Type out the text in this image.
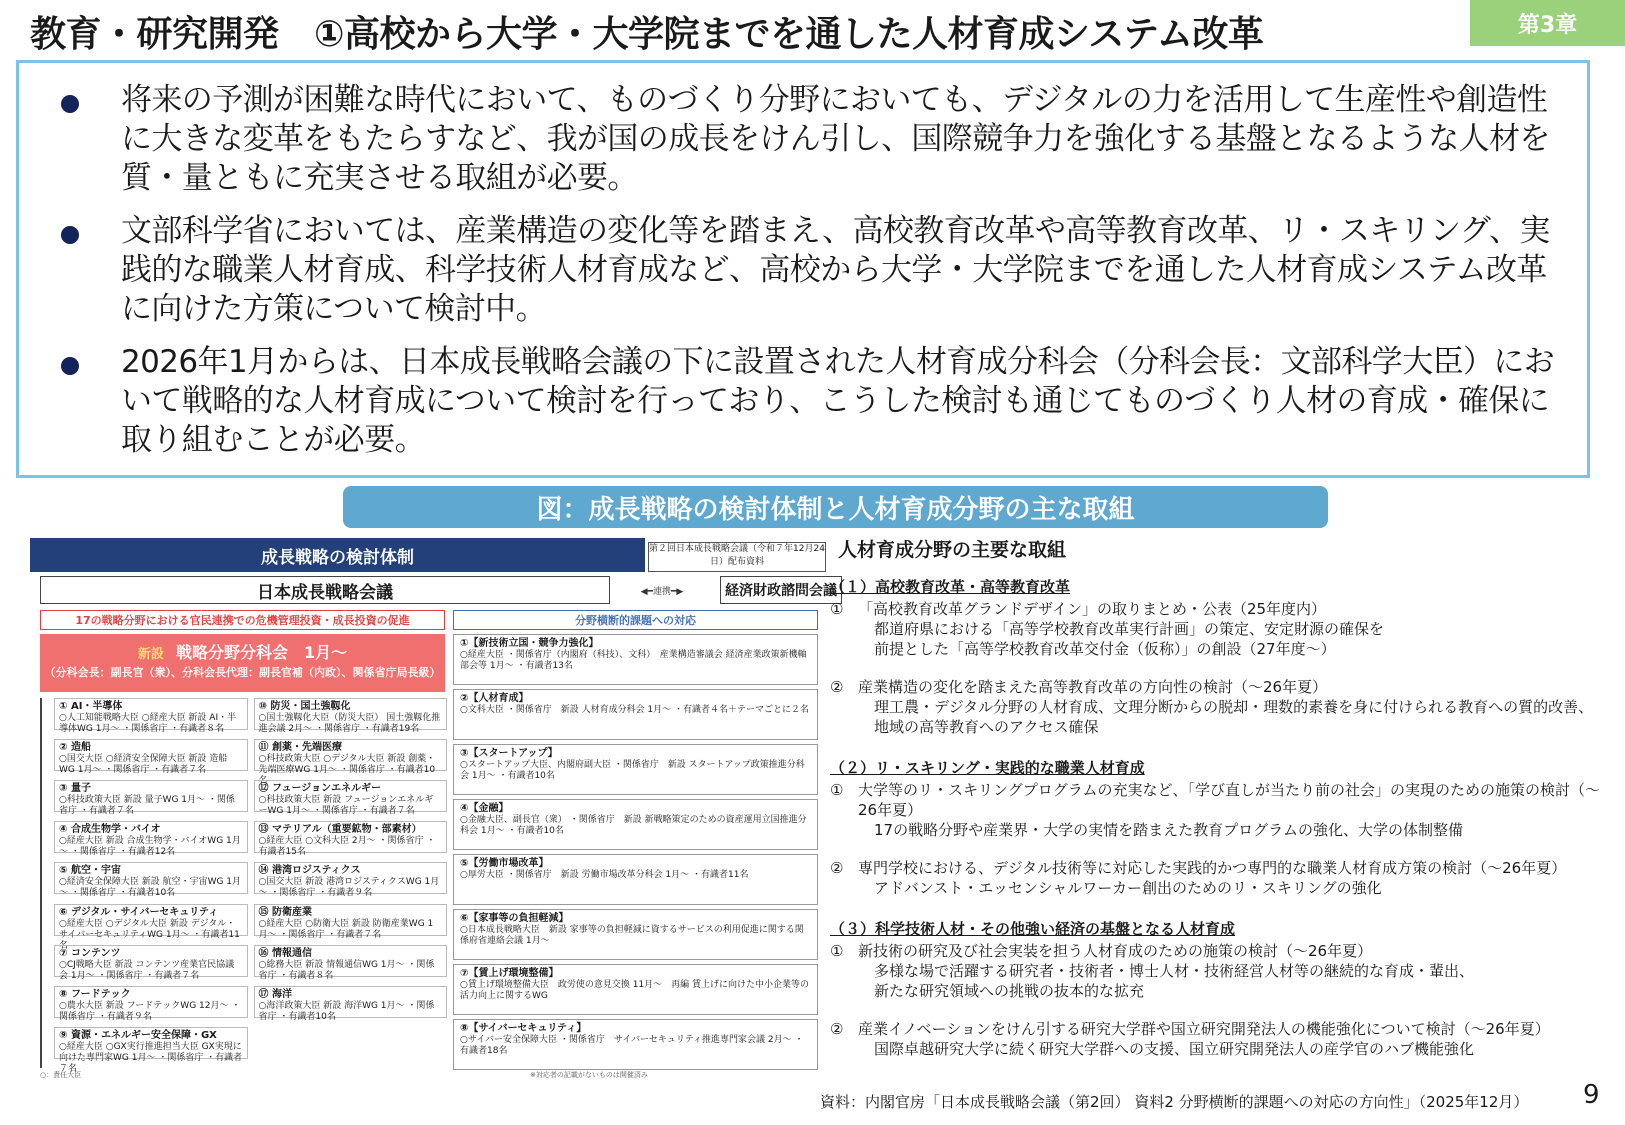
教育・研究開発　①高校から大学・大学院までを通した人材育成システム改革	第3章
将来の予測が困難な時代において、ものづくり分野においても、デジタルの力を活用して生産性や創造性に大きな変革をもたらすなど、我が国の成長をけん引し、国際競争力を強化する基盤となるような人材を質・量ともに充実させる取組が必要。
文部科学省においては、産業構造の変化等を踏まえ、高校教育改革や高等教育改革、リ・スキリング、実践的な職業人材育成、科学技術人材育成など、高校から大学・大学院までを通した人材育成システム改革に向けた方策について検討中。
2026年1月からは、日本成長戦略会議の下に設置された人材育成分科会（分科会長：文部科学大臣）において戦略的な人材育成について検討を行っており、こうした検討も通じてものづくり人材の育成・確保に取り組むことが必要。
図：成長戦略の検討体制と人材育成分野の主な取組
成長戦略の検討体制	第２回日本成長戦略会議（令和７年12月24日）配布資料
日本成長戦略会議	◀━連携━▶	経済財政諮問会議
17の戦略分野における官民連携での危機管理投資・成長投資の促進	分野横断的課題への対応
新設 戦略分野分科会　1月～
（分科会長：副長官（衆）、分科会長代理：副長官補（内政）、関係省庁局長級）
① AI・半導体
○人工知能戦略大臣 ○経産大臣 新設 AI・半導体WG 1月～ ・関係省庁 ・有識者８名
⑩ 防災・国土強靱化
○国土強靱化大臣（防災大臣） 国土強靱化推進会議 2月～ ・関係省庁 ・有識者19名
② 造船
○国交大臣 ○経済安全保障大臣 新設 造船WG 1月～ ・関係省庁 ・有識者７名
⑪ 創薬・先端医療
○科技政策大臣 ○デジタル大臣 新設 創薬・先端医療WG 1月～ ・関係省庁 ・有識者10名
③ 量子
○科技政策大臣 新設 量子WG 1月～ ・関係省庁 ・有識者７名
⑫ フュージョンエネルギー
○科技政策大臣 新設 フュージョンエネルギーWG 1月～ ・関係省庁 ・有識者７名
④ 合成生物学・バイオ
○経産大臣 新設 合成生物学・バイオWG 1月～ ・関係省庁 ・有識者12名
⑬ マテリアル（重要鉱物・部素材）
○経産大臣 ○文科大臣 2月～ ・関係省庁 ・有識者15名
⑤ 航空・宇宙
○経済安全保障大臣 新設 航空・宇宙WG 1月～ ・関係省庁 ・有識者10名
⑭ 港湾ロジスティクス
○国交大臣 新設 港湾ロジスティクスWG 1月～ ・関係省庁 ・有識者９名
⑥ デジタル・サイバーセキュリティ
○経産大臣 ○デジタル大臣 新設 デジタル・サイバーセキュリティWG 1月～ ・有識者11名
⑮ 防衛産業
○経産大臣 ○防衛大臣 新設 防衛産業WG 1月～ ・関係省庁 ・有識者７名
⑦ コンテンツ
○CJ戦略大臣 新設 コンテンツ産業官民協議会 1月～ ・関係省庁 ・有識者７名
⑯ 情報通信
○総務大臣 新設 情報通信WG 1月～ ・関係省庁 ・有識者８名
⑧ フードテック
○農水大臣 新設 フードテックWG 12月～ ・関係省庁 ・有識者９名
⑰ 海洋
○海洋政策大臣 新設 海洋WG 1月～ ・関係省庁 ・有識者10名
⑨ 資源・エネルギー安全保障・GX
○経産大臣 ○GX実行推進担当大臣 GX実現に向けた専門家WG 1月～ ・関係省庁 ・有識者７名
①【新技術立国・競争力強化】
○経産大臣 ・関係省庁（内閣府（科技）、文科）　産業構造審議会 経済産業政策新機軸部会等 1月～ ・有識者13名
②【人材育成】
○文科大臣 ・関係省庁　新設 人材育成分科会 1月～ ・有識者４名＋テーマごとに２名
③【スタートアップ】
○スタートアップ大臣、内閣府副大臣 ・関係省庁　新設 スタートアップ政策推進分科会 1月～ ・有識者10名
④【金融】
○金融大臣、副長官（衆） ・関係省庁　新設 新戦略策定のための資産運用立国推進分科会 1月～ ・有識者10名
⑤【労働市場改革】
○厚労大臣 ・関係省庁　新設 労働市場改革分科会 1月～ ・有識者11名
⑥【家事等の負担軽減】
○日本成長戦略大臣　新設 家事等の負担軽減に資するサービスの利用促進に関する関係府省連絡会議 1月～
⑦【賃上げ環境整備】
○賃上げ環境整備大臣　政労使の意見交換 11月～　再編 賃上げに向けた中小企業等の活力向上に関するWG
⑧【サイバーセキュリティ】
○サイバー安全保障大臣 ・関係省庁　サイバーセキュリティ推進専門家会議 2月～ ・有識者18名
○：責任大臣	※対応者の記載がないものは開催済み
人材育成分野の主要な取組
（１）高校教育改革・高等教育改革
① 「高校教育改革グランドデザイン」の取りまとめ・公表（25年度内）
都道府県における「高等学校教育改革実行計画」の策定、安定財源の確保を
前提とした「高等学校教育改革交付金（仮称）」の創設（27年度～）
② 産業構造の変化を踏まえた高等教育改革の方向性の検討（～26年夏）
理工農・デジタル分野の人材育成、文理分断からの脱却・理数的素養を身に付けられる教育への質的改善、
地域の高等教育へのアクセス確保
（２）リ・スキリング・実践的な職業人材育成
① 大学等のリ・スキリングプログラムの充実など、「学び直しが当たり前の社会」の実現のための施策の検討（～26年夏）
17の戦略分野や産業界・大学の実情を踏まえた教育プログラムの強化、大学の体制整備
② 専門学校における、デジタル技術等に対応した実践的かつ専門的な職業人材育成方策の検討（～26年夏）
アドバンスト・エッセンシャルワーカー創出のためのリ・スキリングの強化
（３）科学技術人材・その他強い経済の基盤となる人材育成
① 新技術の研究及び社会実装を担う人材育成のための施策の検討（～26年夏）
多様な場で活躍する研究者・技術者・博士人材・技術経営人材等の継続的な育成・輩出、
新たな研究領域への挑戦の抜本的な拡充
② 産業イノベーションをけん引する研究大学群や国立研究開発法人の機能強化について検討（～26年夏）
国際卓越研究大学に続く研究大学群への支援、国立研究開発法人の産学官のハブ機能強化
資料：内閣官房「日本成長戦略会議（第2回） 資料2 分野横断的課題への対応の方向性」（2025年12月） 9
